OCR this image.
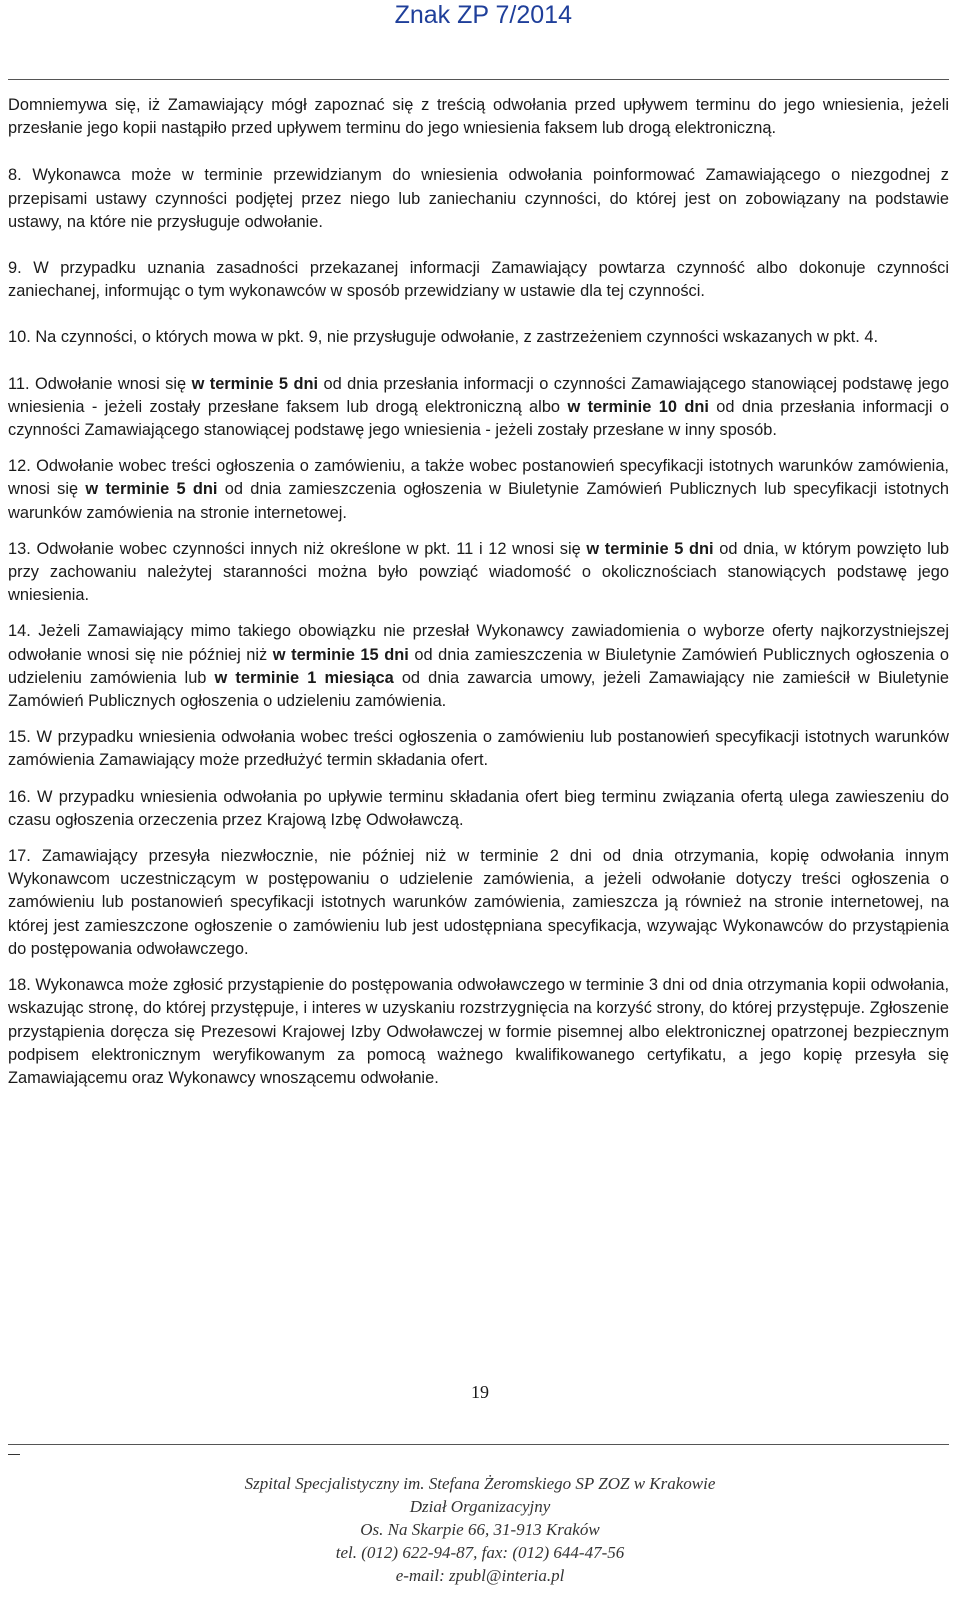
Znak ZP 7/2014

Domniemywa się, iż Zamawiający mógł zapoznać się z treścią odwołania przed upływem terminu do jego wniesienia, jeżeli przesłanie jego kopii nastąpiło przed upływem terminu do jego wniesienia faksem lub drogą elektroniczną.

8. Wykonawca może w terminie przewidzianym do wniesienia odwołania poinformować Zamawiającego o niezgodnej z przepisami ustawy czynności podjętej przez niego lub zaniechaniu czynności, do której jest on zobowiązany na podstawie ustawy, na które nie przysługuje odwołanie.

9. W przypadku uznania zasadności przekazanej informacji Zamawiający powtarza czynność albo dokonuje czynności zaniechanej, informując o tym wykonawców w sposób przewidziany w ustawie dla tej czynności.

10. Na czynności, o których mowa w pkt. 9, nie przysługuje odwołanie, z zastrzeżeniem czynności wskazanych w pkt. 4.

11. Odwołanie wnosi się w terminie 5 dni od dnia przesłania informacji o czynności Zamawiającego stanowiącej podstawę jego wniesienia - jeżeli zostały przesłane faksem lub drogą elektroniczną albo w terminie 10 dni od dnia przesłania informacji o czynności Zamawiającego stanowiącej podstawę jego wniesienia - jeżeli zostały przesłane w inny sposób.

12. Odwołanie wobec treści ogłoszenia o zamówieniu, a także wobec postanowień specyfikacji istotnych warunków zamówienia, wnosi się w terminie 5 dni od dnia zamieszczenia ogłoszenia w Biuletynie Zamówień Publicznych lub specyfikacji istotnych warunków zamówienia na stronie internetowej.

13. Odwołanie wobec czynności innych niż określone w pkt. 11 i 12 wnosi się w terminie 5 dni od dnia, w którym powzięto lub przy zachowaniu należytej staranności można było powziąć wiadomość o okolicznościach stanowiących podstawę jego wniesienia.

14. Jeżeli Zamawiający mimo takiego obowiązku nie przesłał Wykonawcy zawiadomienia o wyborze oferty najkorzystniejszej odwołanie wnosi się nie później niż w terminie 15 dni od dnia zamieszczenia w Biuletynie Zamówień Publicznych ogłoszenia o udzieleniu zamówienia lub w terminie 1 miesiąca od dnia zawarcia umowy, jeżeli Zamawiający nie zamieścił w Biuletynie Zamówień Publicznych ogłoszenia o udzieleniu zamówienia.

15. W przypadku wniesienia odwołania wobec treści ogłoszenia o zamówieniu lub postanowień specyfikacji istotnych warunków zamówienia Zamawiający może przedłużyć termin składania ofert.

16. W przypadku wniesienia odwołania po upływie terminu składania ofert bieg terminu związania ofertą ulega zawieszeniu do czasu ogłoszenia orzeczenia przez Krajową Izbę Odwoławczą.

17. Zamawiający przesyła niezwłocznie, nie później niż w terminie 2 dni od dnia otrzymania, kopię odwołania innym Wykonawcom uczestniczącym w postępowaniu o udzielenie zamówienia, a jeżeli odwołanie dotyczy treści ogłoszenia o zamówieniu lub postanowień specyfikacji istotnych warunków zamówienia, zamieszcza ją również na stronie internetowej, na której jest zamieszczone ogłoszenie o zamówieniu lub jest udostępniana specyfikacja, wzywając Wykonawców do przystąpienia do postępowania odwoławczego.

18. Wykonawca może zgłosić przystąpienie do postępowania odwoławczego w terminie 3 dni od dnia otrzymania kopii odwołania, wskazując stronę, do której przystępuje, i interes w uzyskaniu rozstrzygnięcia na korzyść strony, do której przystępuje. Zgłoszenie przystąpienia doręcza się Prezesowi Krajowej Izby Odwoławczej w formie pisemnej albo elektronicznej opatrzonej bezpiecznym podpisem elektronicznym weryfikowanym za pomocą ważnego kwalifikowanego certyfikatu, a jego kopię przesyła się Zamawiającemu oraz Wykonawcy wnoszącemu odwołanie.

19
Szpital Specjalistyczny im. Stefana Żeromskiego SP ZOZ w Krakowie
Dział Organizacyjny
Os. Na Skarpie 66, 31-913 Kraków
tel. (012) 622-94-87, fax: (012) 644-47-56
e-mail: zpubl@interia.pl
